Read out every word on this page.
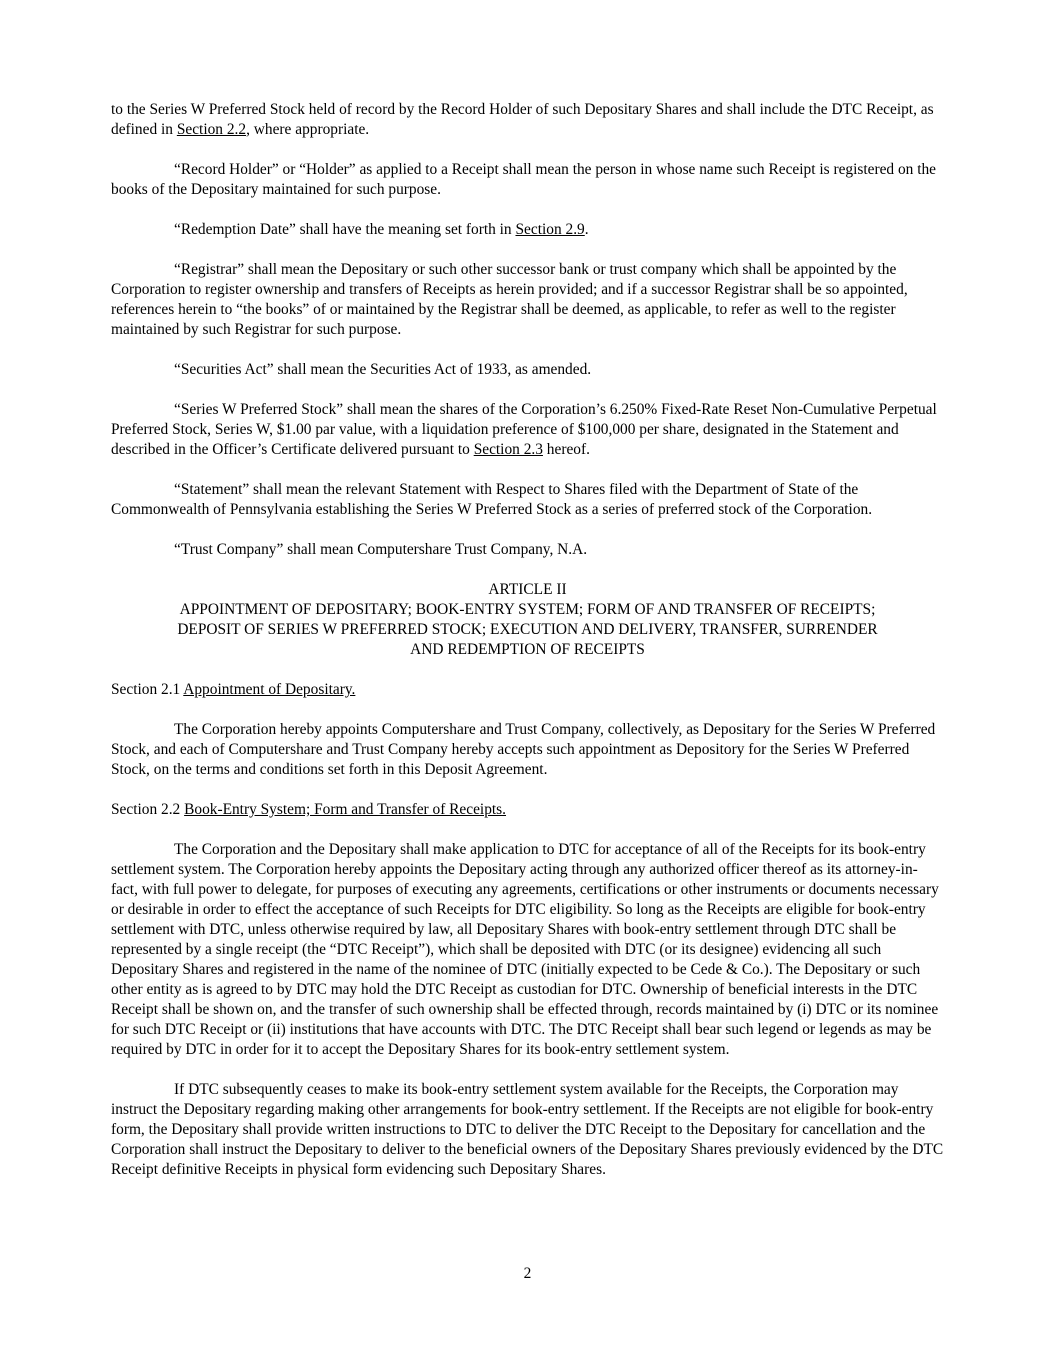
to the Series W Preferred Stock held of record by the Record Holder of such Depositary Shares and shall include the DTC Receipt, as defined in Section 2.2, where appropriate.

“Record Holder” or “Holder” as applied to a Receipt shall mean the person in whose name such Receipt is registered on the books of the Depositary maintained for such purpose.

“Redemption Date” shall have the meaning set forth in Section 2.9.

“Registrar” shall mean the Depositary or such other successor bank or trust company which shall be appointed by the Corporation to register ownership and transfers of Receipts as herein provided; and if a successor Registrar shall be so appointed, references herein to “the books” of or maintained by the Registrar shall be deemed, as applicable, to refer as well to the register maintained by such Registrar for such purpose.

“Securities Act” shall mean the Securities Act of 1933, as amended.

“Series W Preferred Stock” shall mean the shares of the Corporation’s 6.250% Fixed-Rate Reset Non-Cumulative Perpetual Preferred Stock, Series W, $1.00 par value, with a liquidation preference of $100,000 per share, designated in the Statement and described in the Officer’s Certificate delivered pursuant to Section 2.3 hereof.

“Statement” shall mean the relevant Statement with Respect to Shares filed with the Department of State of the Commonwealth of Pennsylvania establishing the Series W Preferred Stock as a series of preferred stock of the Corporation.

“Trust Company” shall mean Computershare Trust Company, N.A.

ARTICLE II
APPOINTMENT OF DEPOSITARY; BOOK-ENTRY SYSTEM; FORM OF AND TRANSFER OF RECEIPTS;
DEPOSIT OF SERIES W PREFERRED STOCK; EXECUTION AND DELIVERY, TRANSFER, SURRENDER
AND REDEMPTION OF RECEIPTS

Section 2.1 Appointment of Depositary.

The Corporation hereby appoints Computershare and Trust Company, collectively, as Depositary for the Series W Preferred Stock, and each of Computershare and Trust Company hereby accepts such appointment as Depository for the Series W Preferred Stock, on the terms and conditions set forth in this Deposit Agreement.

Section 2.2 Book-Entry System; Form and Transfer of Receipts.

The Corporation and the Depositary shall make application to DTC for acceptance of all of the Receipts for its book-entry settlement system. The Corporation hereby appoints the Depositary acting through any authorized officer thereof as its attorney-in-fact, with full power to delegate, for purposes of executing any agreements, certifications or other instruments or documents necessary or desirable in order to effect the acceptance of such Receipts for DTC eligibility. So long as the Receipts are eligible for book-entry settlement with DTC, unless otherwise required by law, all Depositary Shares with book-entry settlement through DTC shall be represented by a single receipt (the “DTC Receipt”), which shall be deposited with DTC (or its designee) evidencing all such Depositary Shares and registered in the name of the nominee of DTC (initially expected to be Cede & Co.). The Depositary or such other entity as is agreed to by DTC may hold the DTC Receipt as custodian for DTC. Ownership of beneficial interests in the DTC Receipt shall be shown on, and the transfer of such ownership shall be effected through, records maintained by (i) DTC or its nominee for such DTC Receipt or (ii) institutions that have accounts with DTC. The DTC Receipt shall bear such legend or legends as may be required by DTC in order for it to accept the Depositary Shares for its book-entry settlement system.

If DTC subsequently ceases to make its book-entry settlement system available for the Receipts, the Corporation may instruct the Depositary regarding making other arrangements for book-entry settlement. If the Receipts are not eligible for book-entry form, the Depositary shall provide written instructions to DTC to deliver the DTC Receipt to the Depositary for cancellation and the Corporation shall instruct the Depositary to deliver to the beneficial owners of the Depositary Shares previously evidenced by the DTC Receipt definitive Receipts in physical form evidencing such Depositary Shares.

2
